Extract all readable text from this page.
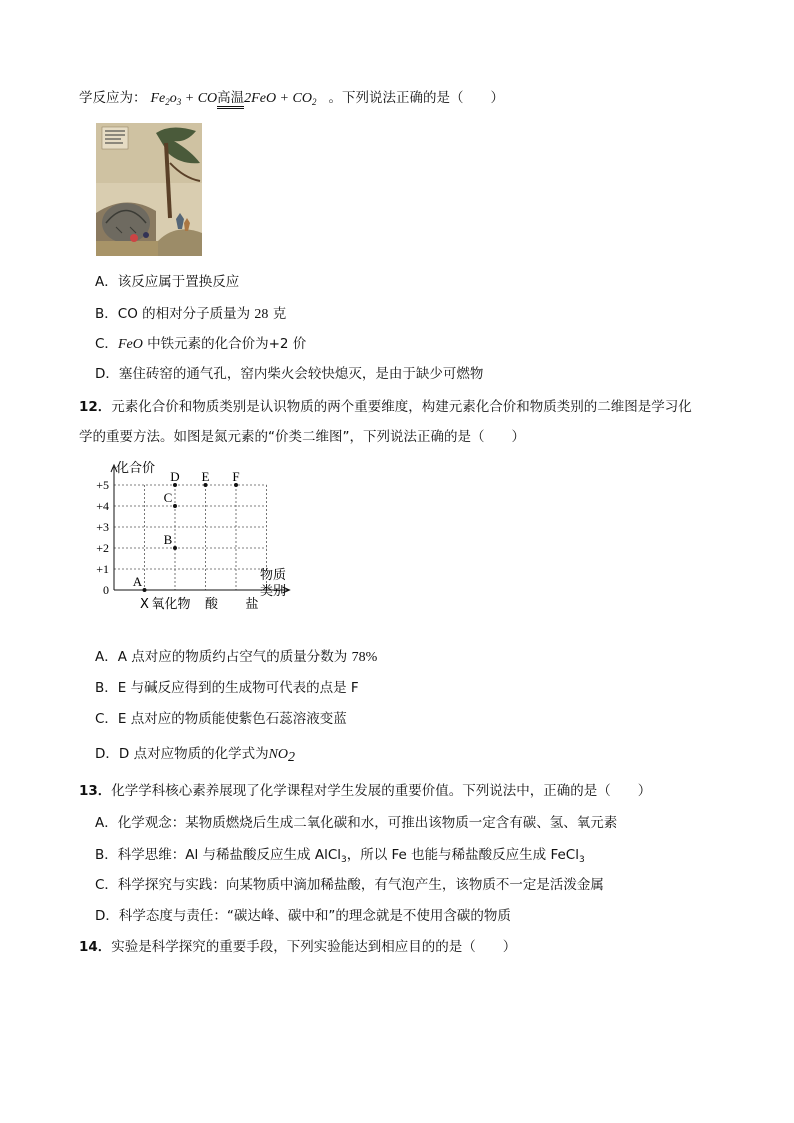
学反应为： $Fe_2o_3$ + CO高温$2FeO + CO_2$ 。下列说法正确的是（　　）
A．该反应属于置换反应
B．CO 的相对分子质量为 28 克
C．FeO 中铁元素的化合价为+2 价
D．塞住砖窑的通气孔，窑内柴火会较快熄灭，是由于缺少可燃物
12．元素化合价和物质类别是认识物质的两个重要维度，构建元素化合价和物质类别的二维图是学习化
学的重要方法。如图是氮元素的“价类二维图”，下列说法正确的是（　　）
0
+1
+2
+3
+4
+5
X 氧化物 酸 盐
A
B
C
D E F
化合价
物质类别
A．A 点对应的物质约占空气的质量分数为 78%
B．E 与碱反应得到的生成物可代表的点是 F
C．E 点对应的物质能使紫色石蕊溶液变蓝
D．D 点对应物质的化学式为$NO_2$
13．化学学科核心素养展现了化学课程对学生发展的重要价值。下列说法中，正确的是（　　）
A．化学观念：某物质燃烧后生成二氧化碳和水，可推出该物质一定含有碳、氢、氧元素
B．科学思维：Al 与稀盐酸反应生成 AlCl$_3$，所以 Fe 也能与稀盐酸反应生成 FeCl$_3$
C．科学探究与实践：向某物质中滴加稀盐酸，有气泡产生，该物质不一定是活泼金属
D．科学态度与责任：“碳达峰、碳中和”的理念就是不使用含碳的物质
14．实验是科学探究的重要手段，下列实验能达到相应目的的是（　　）
